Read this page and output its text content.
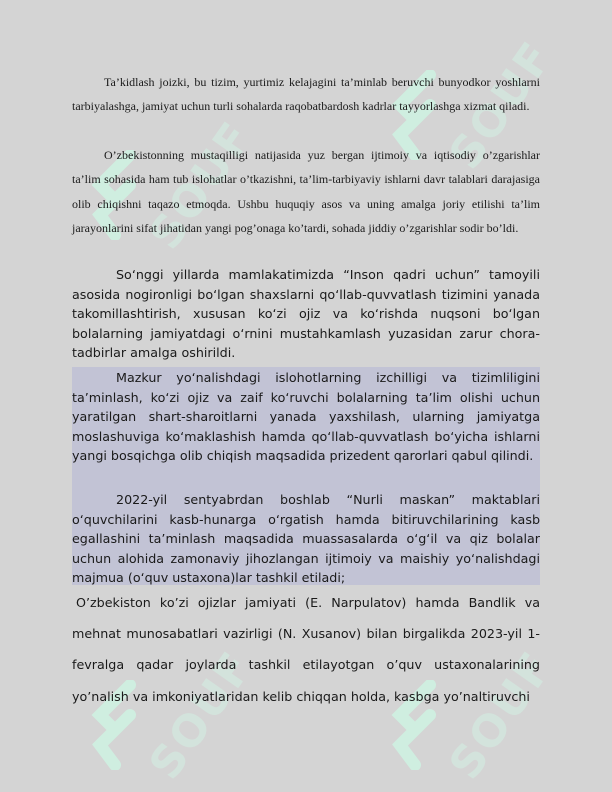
SOUF
SOUF
SOUF	SOUF

Ta’kidlash joizki, bu tizim, yurtimiz kelajagini ta’minlab beruvchi bunyodkor yoshlarni tarbiyalashga, jamiyat uchun turli sohalarda raqobatbardosh kadrlar tayyorlashga xizmat qiladi.

O’zbekistonning mustaqilligi natijasida yuz bergan ijtimoiy va iqtisodiy o’zgarishlar ta’lim sohasida ham tub islohatlar o’tkazishni, ta’lim-tarbiyaviy ishlarni davr talablari darajasiga olib chiqishni taqazo etmoqda. Ushbu huquqiy asos va uning amalga joriy etilishi ta’lim jarayonlarini sifat jihatidan yangi pog’onaga ko’tardi, sohada jiddiy o’zgarishlar sodir bo’ldi.

So‘nggi yillarda mamlakatimizda “Inson qadri uchun” tamoyili asosida nogironligi bo‘lgan shaxslarni qo‘llab-quvvatlash tizimini yanada takomillashtirish, xususan ko‘zi ojiz va ko‘rishda nuqsoni bo‘lgan bolalarning jamiyatdagi o‘rnini mustahkamlash yuzasidan zarur chora-tadbirlar amalga oshirildi.

Mazkur yo‘nalishdagi islohotlarning izchilligi va tizimliligini ta’minlash, ko‘zi ojiz va zaif ko‘ruvchi bolalarning ta’lim olishi uchun yaratilgan shart-sharoitlarni yanada yaxshilash, ularning jamiyatga moslashuviga ko‘maklashish hamda qo‘llab-quvvatlash bo‘yicha ishlarni yangi bosqichga olib chiqish maqsadida prizedent qarorlari qabul qilindi.

2022-yil sentyabrdan boshlab “Nurli maskan” maktablari o‘quvchilarini kasb-hunarga o‘rgatish hamda bitiruvchilarining kasb egallashini ta’minlash maqsadida muassasalarda o‘g‘il va qiz bolalar uchun alohida zamonaviy jihozlangan ijtimoiy va maishiy yo‘nalishdagi majmua (o‘quv ustaxona)lar tashkil etiladi;

O’zbekiston ko’zi ojizlar jamiyati (E. Narpulatov) hamda Bandlik va mehnat munosabatlari vazirligi (N. Xusanov) bilan birgalikda 2023-yil 1-fevralga qadar joylarda tashkil etilayotgan o’quv ustaxonalarining yo’nalish va imkoniyatlaridan kelib chiqqan holda, kasbga yo’naltiruvchi
